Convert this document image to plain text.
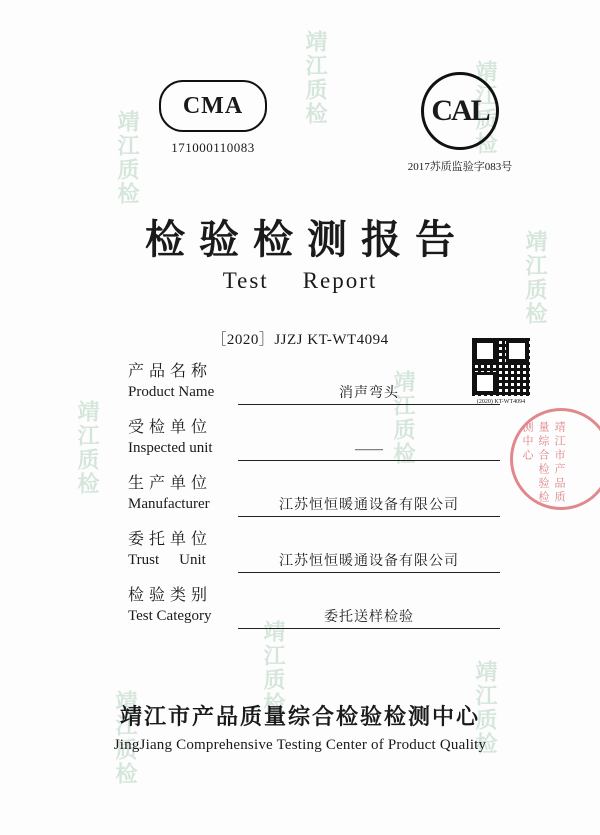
靖江质检
靖江质检
靖江质检
靖江质检	靖江质检
靖江质检	靖江质检
靖江质检
靖江质检
CMA
171000110083
CAL
2017苏质监验字083号
检验检测报告
Test Report
［2020］JJZJ KT-WT4094
(2020) KT-WT4094
靖江市产品质量综合检验检测中心
产品名称
Product Name	消声弯头
受检单位
Inspected unit	——
生产单位
Manufacturer	江苏恒恒暖通设备有限公司
委托单位
Trust Unit	江苏恒恒暖通设备有限公司
检验类别
Test Category	委托送样检验
靖江市产品质量综合检验检测中心
JingJiang Comprehensive Testing Center of Product Quality
